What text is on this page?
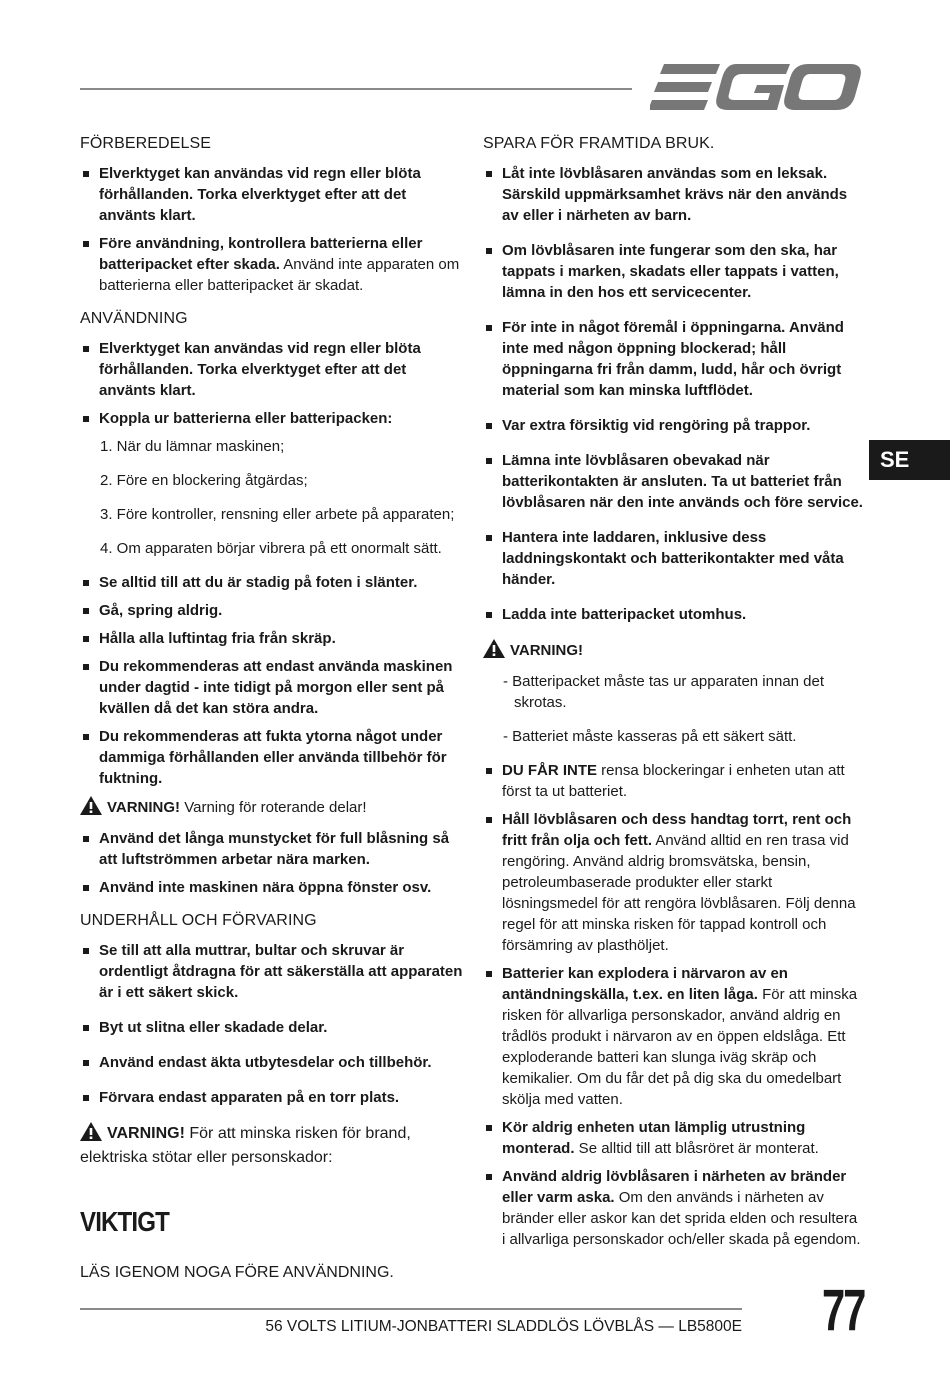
EGO
SE
FÖRBEREDELSE
Elverktyget kan användas vid regn eller blöta förhållanden. Torka elverktyget efter att det använts klart.
Före användning, kontrollera batterierna eller batteripacket efter skada. Använd inte apparaten om batterierna eller batteripacket är skadat.
ANVÄNDNING
Elverktyget kan användas vid regn eller blöta förhållanden. Torka elverktyget efter att det använts klart.
Koppla ur batterierna eller batteripacken:
1. När du lämnar maskinen;
2. Före en blockering åtgärdas;
3. Före kontroller, rensning eller arbete på apparaten;
4. Om apparaten börjar vibrera på ett onormalt sätt.
Se alltid till att du är stadig på foten i slänter.
Gå, spring aldrig.
Hålla alla luftintag fria från skräp.
Du rekommenderas att endast använda maskinen under dagtid - inte tidigt på morgon eller sent på kvällen då det kan störa andra.
Du rekommenderas att fukta ytorna något under dammiga förhållanden eller använda tillbehör för fuktning.
VARNING! Varning för roterande delar!
Använd det långa munstycket för full blåsning så att luftströmmen arbetar nära marken.
Använd inte maskinen nära öppna fönster osv.
UNDERHÅLL OCH FÖRVARING
Se till att alla muttrar, bultar och skruvar är ordentligt åtdragna för att säkerställa att apparaten är i ett säkert skick.
Byt ut slitna eller skadade delar.
Använd endast äkta utbytesdelar och tillbehör.
Förvara endast apparaten på en torr plats.
VARNING! För att minska risken för brand, elektriska stötar eller personskador:
VIKTIGT
LÄS IGENOM NOGA FÖRE ANVÄNDNING.
SPARA FÖR FRAMTIDA BRUK.
Låt inte lövblåsaren användas som en leksak. Särskild uppmärksamhet krävs när den används av eller i närheten av barn.
Om lövblåsaren inte fungerar som den ska, har tappats i marken, skadats eller tappats i vatten, lämna in den hos ett servicecenter.
För inte in något föremål i öppningarna. Använd inte med någon öppning blockerad; håll öppningarna fri från damm, ludd, hår och övrigt material som kan minska luftflödet.
Var extra försiktig vid rengöring på trappor.
Lämna inte lövblåsaren obevakad när batterikontakten är ansluten. Ta ut batteriet från lövblåsaren när den inte används och före service.
Hantera inte laddaren, inklusive dess laddningskontakt och batterikontakter med våta händer.
Ladda inte batteripacket utomhus.
VARNING!
- Batteripacket måste tas ur apparaten innan det skrotas.
- Batteriet måste kasseras på ett säkert sätt.
DU FÅR INTE rensa blockeringar i enheten utan att först ta ut batteriet.
Håll lövblåsaren och dess handtag torrt, rent och fritt från olja och fett. Använd alltid en ren trasa vid rengöring. Använd aldrig bromsvätska, bensin, petroleumbaserade produkter eller starkt lösningsmedel för att rengöra lövblåsaren. Följ denna regel för att minska risken för tappad kontroll och försämring av plasthöljet.
Batterier kan explodera i närvaron av en antändningskälla, t.ex. en liten låga. För att minska risken för allvarliga personskador, använd aldrig en trådlös produkt i närvaron av en öppen eldslåga. Ett exploderande batteri kan slunga iväg skräp och kemikalier. Om du får det på dig ska du omedelbart skölja med vatten.
Kör aldrig enheten utan lämplig utrustning monterad. Se alltid till att blåsröret är monterat.
Använd aldrig lövblåsaren i närheten av bränder eller varm aska. Om den används i närheten av bränder eller askor kan det sprida elden och resultera i allvarliga personskador och/eller skada på egendom.
56 VOLTS LITIUM-JONBATTERI SLADDLÖS LÖVBLÅS — LB5800E 77
